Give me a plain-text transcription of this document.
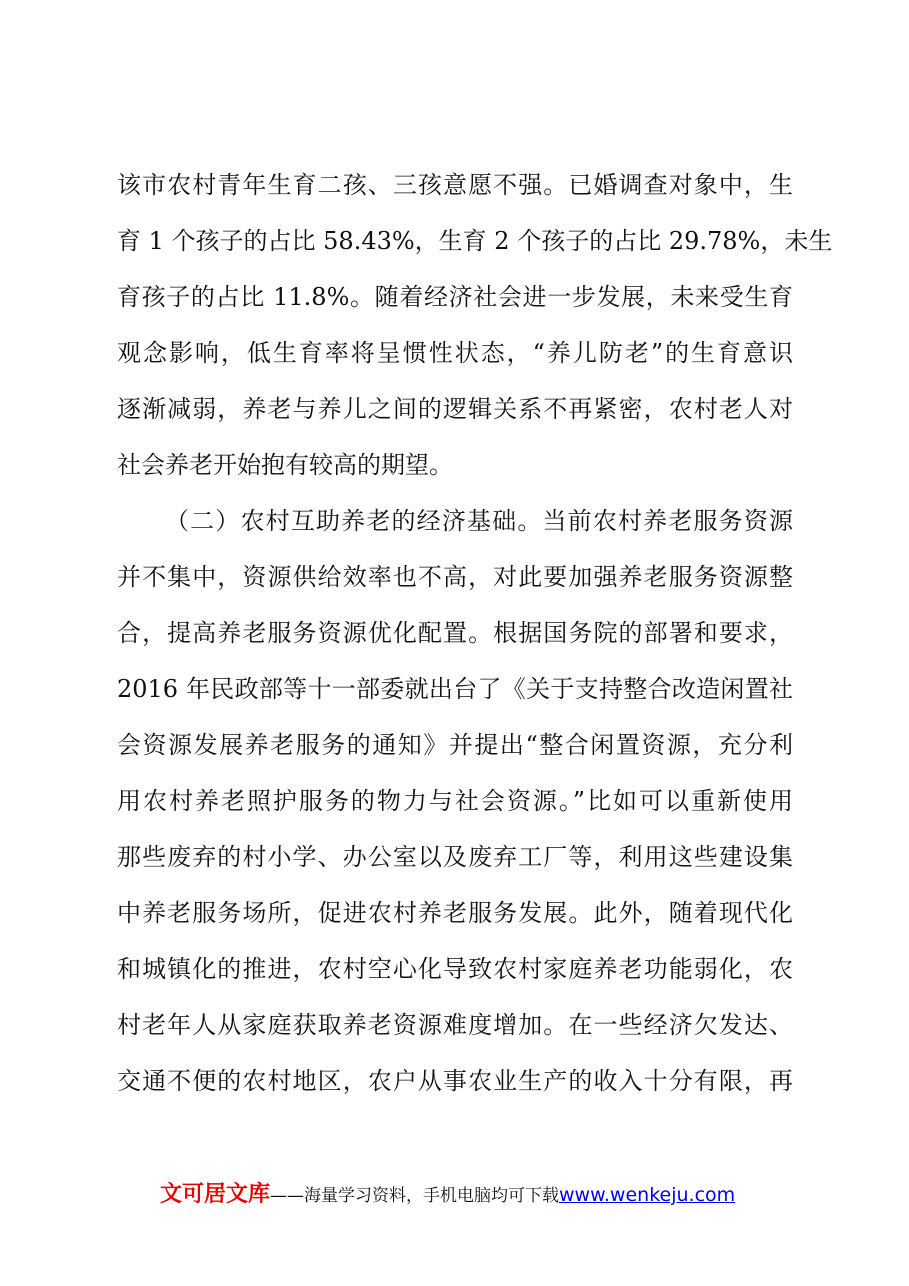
该市农村青年生育二孩、三孩意愿不强。已婚调查对象中，生
育 1 个孩子的占比 58.43%，生育 2 个孩子的占比 29.78%，未生
育孩子的占比 11.8%。随着经济社会进一步发展，未来受生育
观念影响，低生育率将呈惯性状态，“养儿防老”的生育意识
逐渐减弱，养老与养儿之间的逻辑关系不再紧密，农村老人对
社会养老开始抱有较高的期望。
（二）农村互助养老的经济基础。当前农村养老服务资源
并不集中，资源供给效率也不高，对此要加强养老服务资源整
合，提高养老服务资源优化配置。根据国务院的部署和要求，
2016 年民政部等十一部委就出台了《关于支持整合改造闲置社
会资源发展养老服务的通知》并提出“整合闲置资源，充分利
用农村养老照护服务的物力与社会资源。”比如可以重新使用
那些废弃的村小学、办公室以及废弃工厂等，利用这些建设集
中养老服务场所，促进农村养老服务发展。此外，随着现代化
和城镇化的推进，农村空心化导致农村家庭养老功能弱化，农
村老年人从家庭获取养老资源难度增加。在一些经济欠发达、
交通不便的农村地区，农户从事农业生产的收入十分有限，再
文可居文库——海量学习资料，手机电脑均可下载www.wenkeju.com
